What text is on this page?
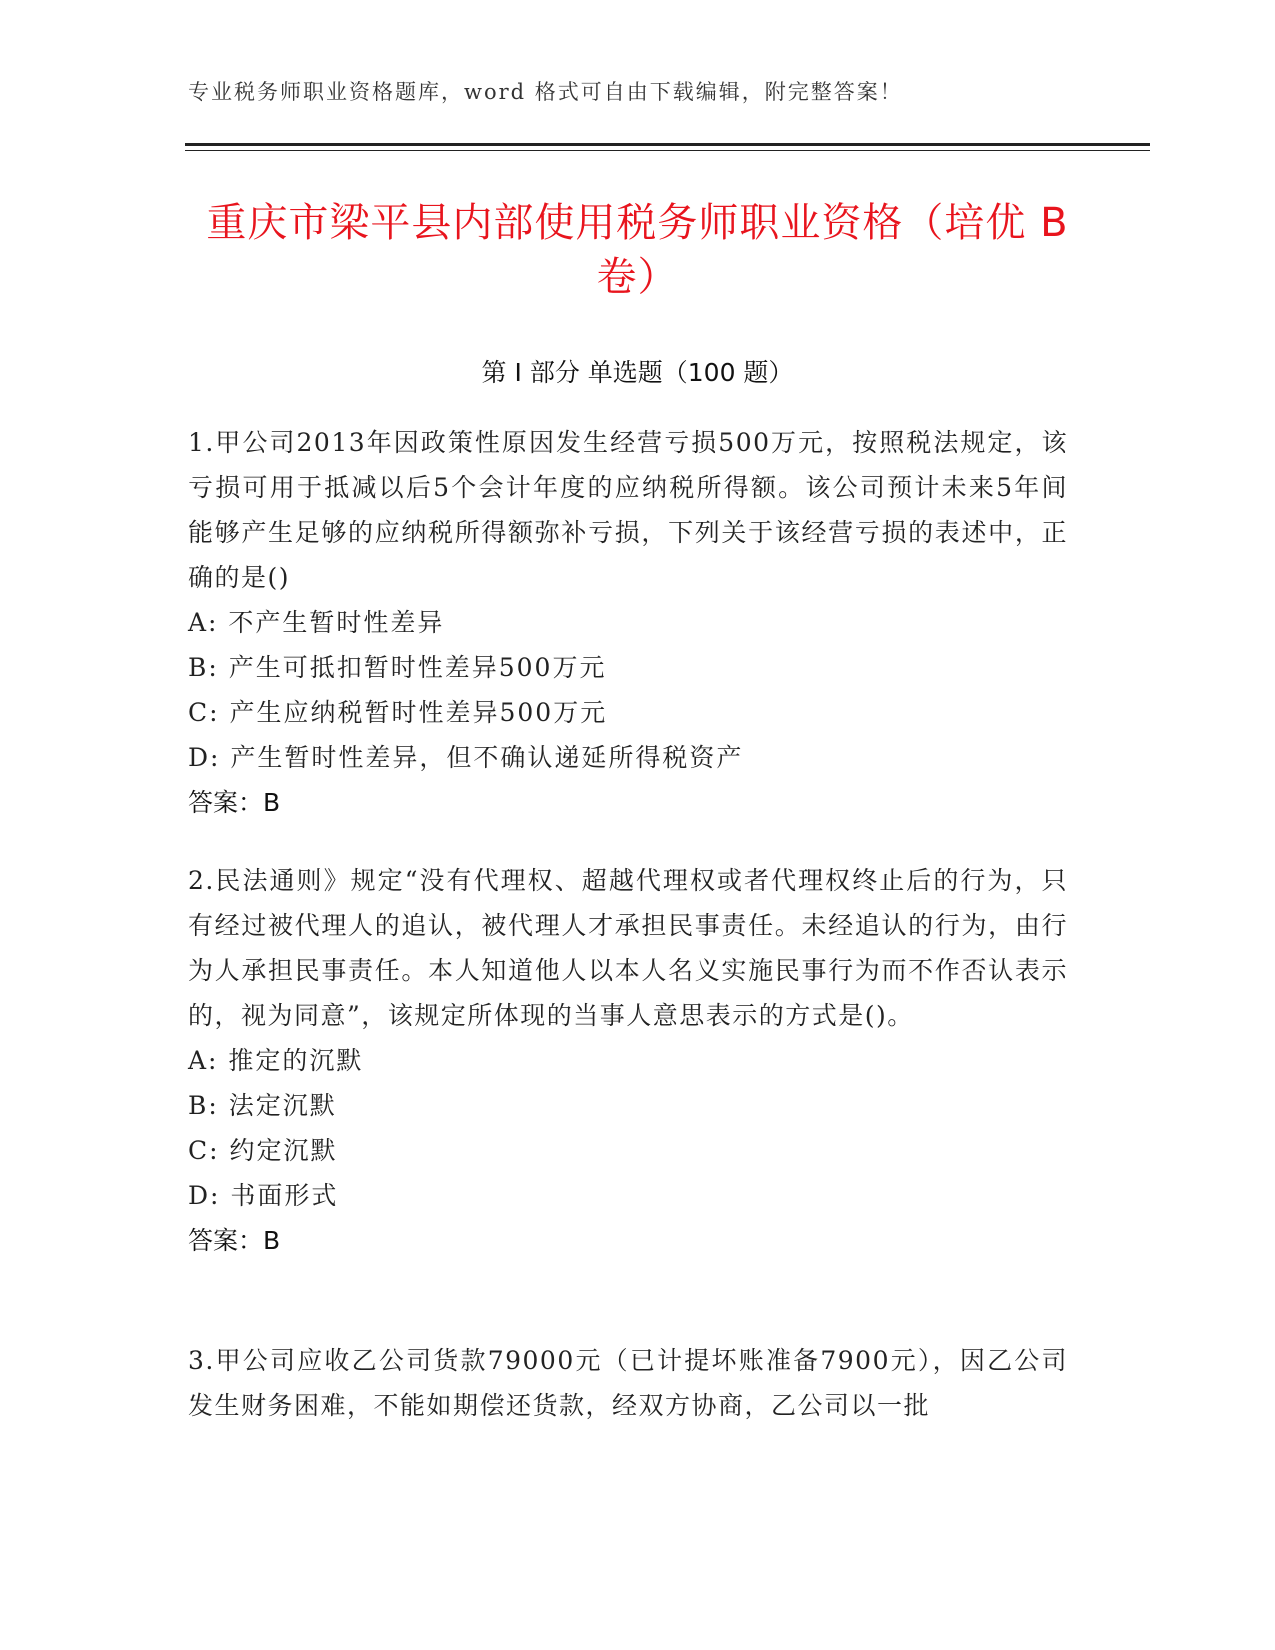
专业税务师职业资格题库，word 格式可自由下载编辑，附完整答案！
重庆市梁平县内部使用税务师职业资格（培优 B 卷）
第 I 部分 单选题（100 题）
1.甲公司2013年因政策性原因发生经营亏损500万元，按照税法规定，该亏损可用于抵减以后5个会计年度的应纳税所得额。该公司预计未来5年间能够产生足够的应纳税所得额弥补亏损，下列关于该经营亏损的表述中，正确的是()
A: 不产生暂时性差异
B: 产生可抵扣暂时性差异500万元
C: 产生应纳税暂时性差异500万元
D: 产生暂时性差异，但不确认递延所得税资产
答案：B
2.民法通则》规定“没有代理权、超越代理权或者代理权终止后的行为，只有经过被代理人的追认，被代理人才承担民事责任。未经追认的行为，由行为人承担民事责任。本人知道他人以本人名义实施民事行为而不作否认表示的，视为同意”，该规定所体现的当事人意思表示的方式是()。
A: 推定的沉默
B: 法定沉默
C: 约定沉默
D: 书面形式
答案：B
3.甲公司应收乙公司货款79000元（已计提坏账准备7900元），因乙公司发生财务困难，不能如期偿还货款，经双方协商，乙公司以一批
